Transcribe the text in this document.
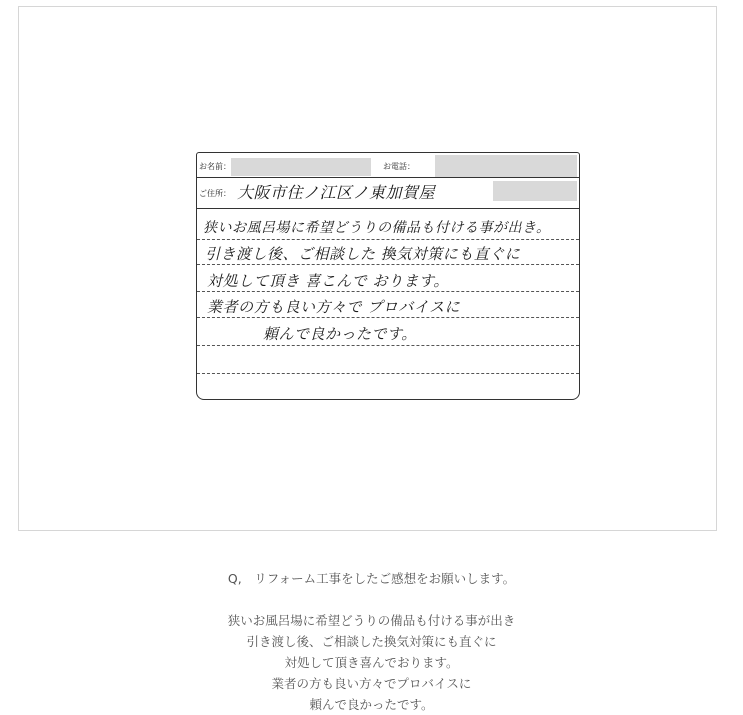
お名前：	お電話：
ご住所： 大阪市住ノ江区ノ東加賀屋
狭いお風呂場に希望どうりの備品も付ける事が出き。
引き渡し後、ご相談した 換気対策にも直ぐに
対処して頂き 喜こんで おります。
業者の方も良い方々で プロバイスに
頼んで良かったです。
Q,　リフォーム工事をしたご感想をお願いします。
狭いお風呂場に希望どうりの備品も付ける事が出き
引き渡し後、ご相談した換気対策にも直ぐに
対処して頂き喜んでおります。
業者の方も良い方々でプロバイスに
頼んで良かったです。
